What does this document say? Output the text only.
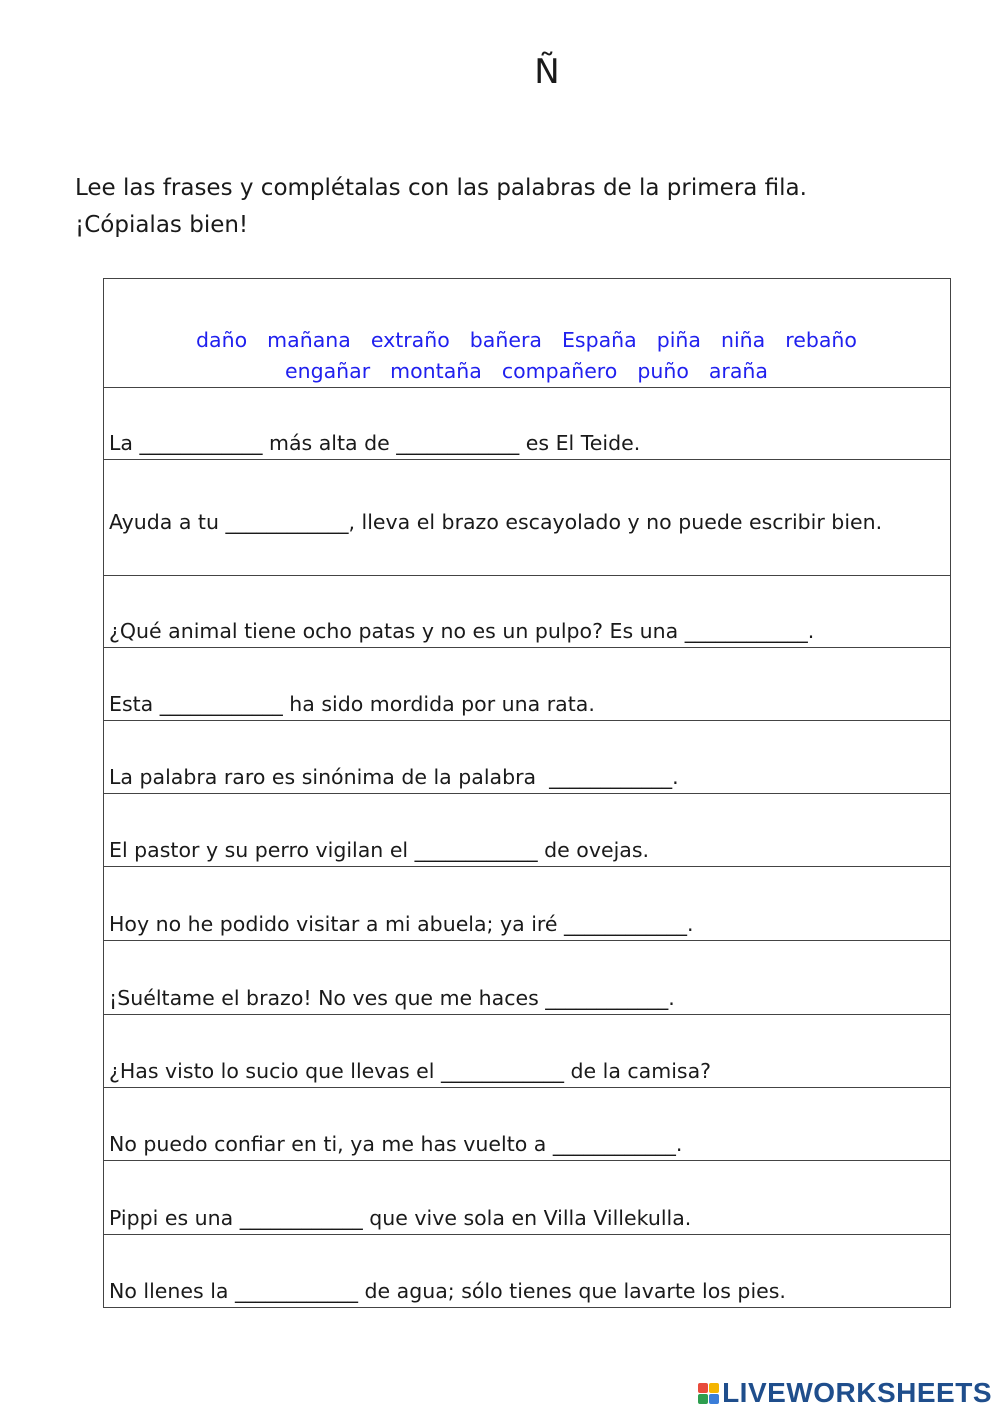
Ñ
Lee las frases y complétalas con las palabras de la primera fila.
¡Cópialas bien!
daño mañana extraño bañera España piña niña rebaño
engañar montaña compañero puño araña

La ____________ más alta de ____________ es El Teide.
Ayuda a tu ____________, lleva el brazo escayolado y no puede escribir bien.
¿Qué animal tiene ocho patas y no es un pulpo? Es una ____________.
Esta ____________ ha sido mordida por una rata.
La palabra raro es sinónima de la palabra  ____________.
El pastor y su perro vigilan el ____________ de ovejas.
Hoy no he podido visitar a mi abuela; ya iré ____________.
¡Suéltame el brazo! No ves que me haces ____________.
¿Has visto lo sucio que llevas el ____________ de la camisa?
No puedo confiar en ti, ya me has vuelto a ____________.
Pippi es una ____________ que vive sola en Villa Villekulla.
No llenes la ____________ de agua; sólo tienes que lavarte los pies.
LIVEWORKSHEETS
